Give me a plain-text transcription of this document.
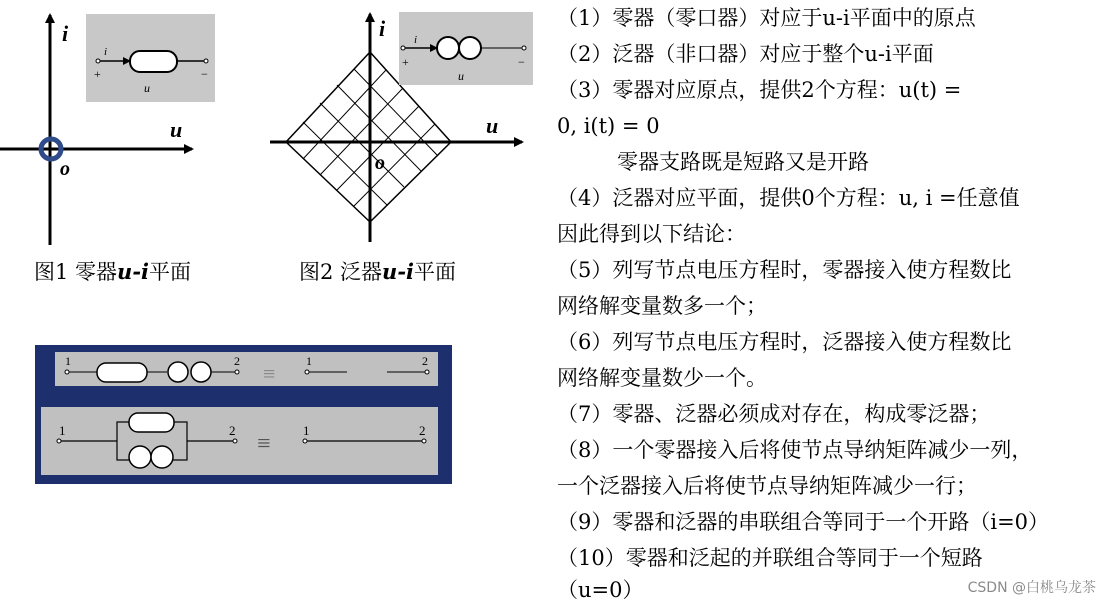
i
u
o
i
+	−
u
图1 零器u-i平面
i
u
o
i
+	−
u
图2 泛器u-i平面
1	2 ≡	1	2
1	2
≡
1	2
（1）零器（零口器）对应于u-i平面中的原点
（2）泛器（非口器）对应于整个u-i平面
（3）零器对应原点，提供2个方程：u(t) =
0, i(t) = 0
零器支路既是短路又是开路
（4）泛器对应平面，提供0个方程：u, i =任意值
因此得到以下结论：
（5）列写节点电压方程时，零器接入使方程数比
网络解变量数多一个；
（6）列写节点电压方程时，泛器接入使方程数比
网络解变量数少一个。
（7）零器、泛器必须成对存在，构成零泛器；
（8）一个零器接入后将使节点导纳矩阵减少一列，
一个泛器接入后将使节点导纳矩阵减少一行；
（9）零器和泛器的串联组合等同于一个开路（i=0）
（10）零器和泛起的并联组合等同于一个短路
（u=0）	CSDN @白桃乌龙茶
